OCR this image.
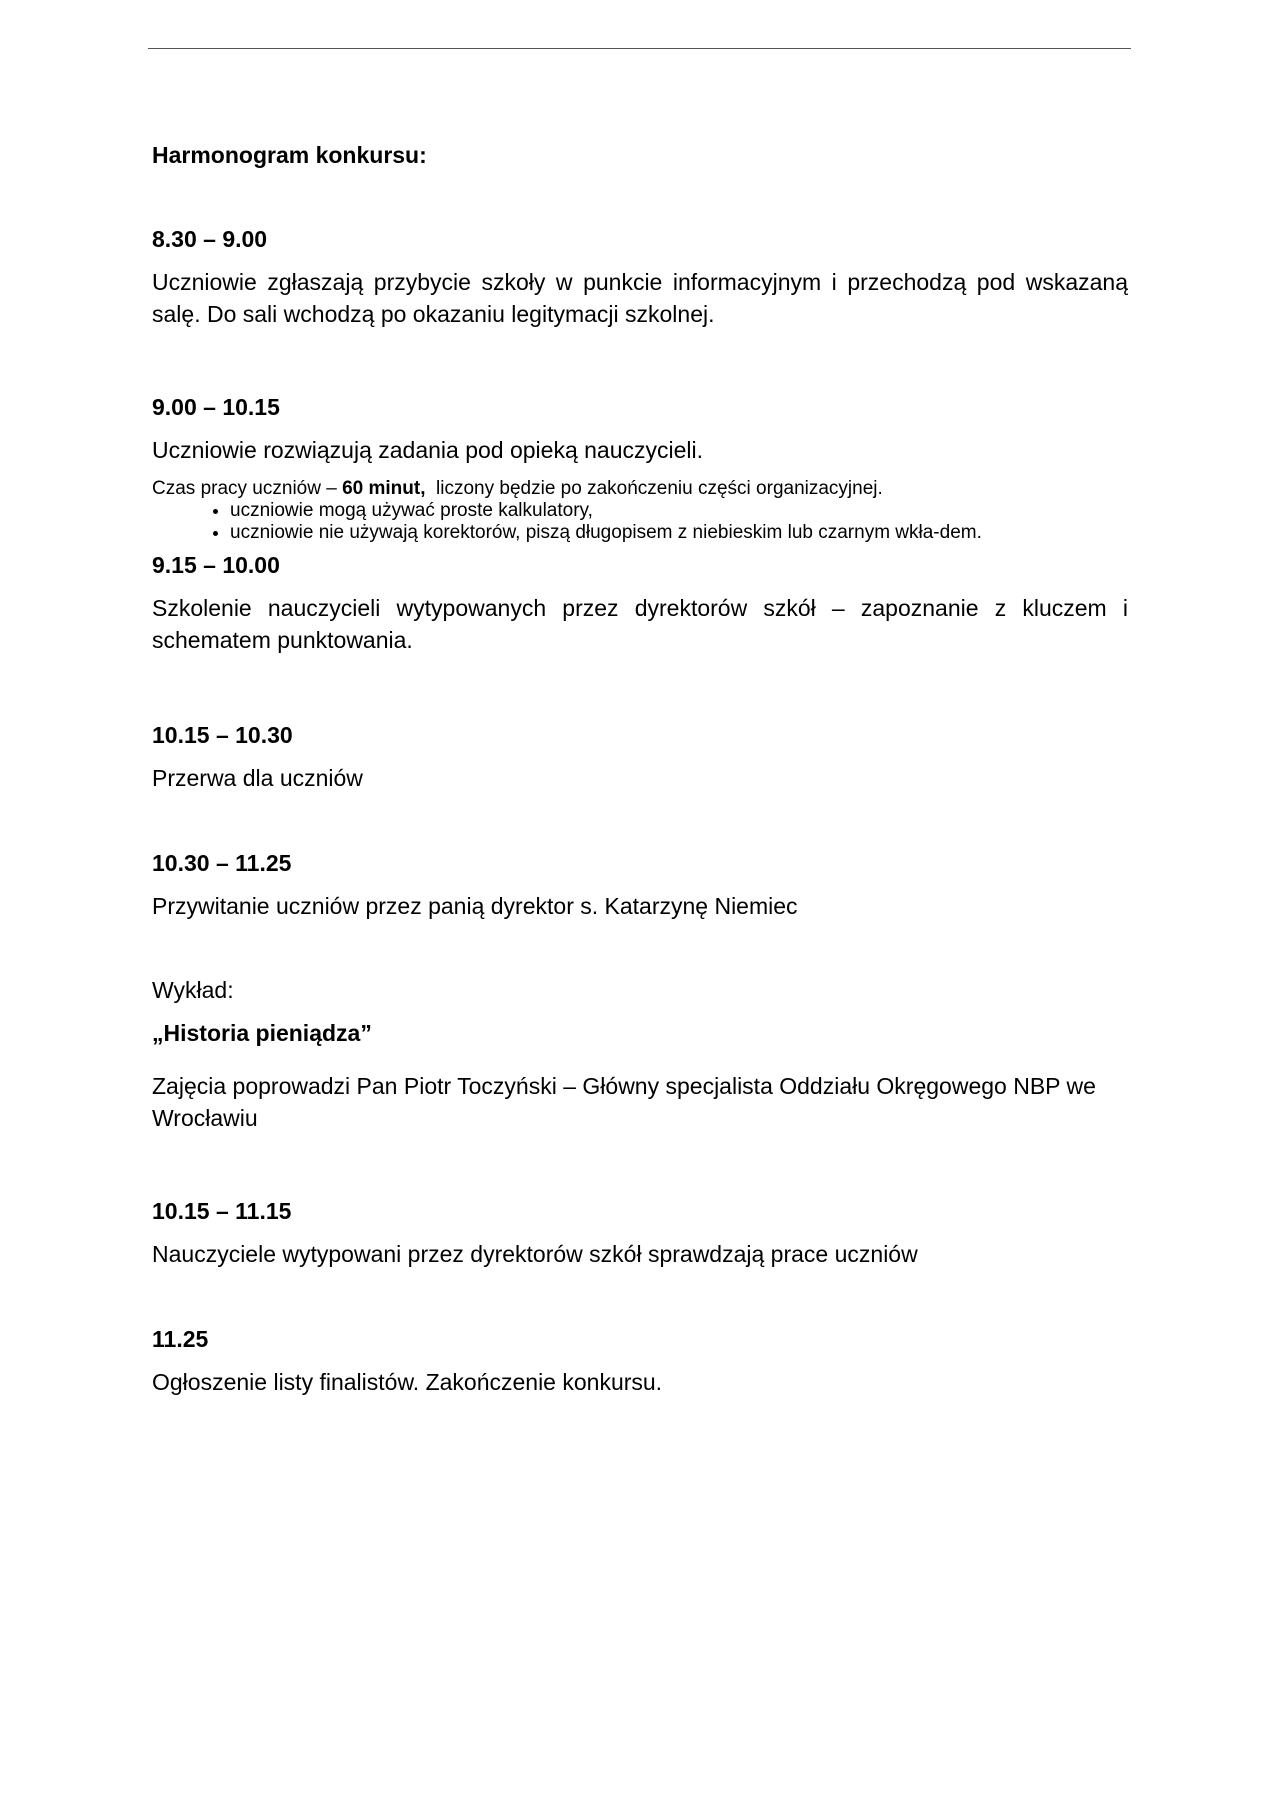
Harmonogram konkursu:
8.30 – 9.00

Uczniowie zgłaszają przybycie szkoły w punkcie informacyjnym i przechodzą pod wskazaną salę. Do sali wchodzą po okazaniu legitymacji szkolnej.

9.00 – 10.15

Uczniowie rozwiązują zadania pod opieką nauczycieli.

Czas pracy uczniów – 60 minut,  liczony będzie po zakończeniu części organizacyjnej.

• uczniowie mogą używać proste kalkulatory,
• uczniowie nie używają korektorów, piszą długopisem z niebieskim lub czarnym wkła-dem.
9.15 – 10.00

Szkolenie nauczycieli wytypowanych przez dyrektorów szkół – zapoznanie z kluczem i schematem punktowania.

10.15 – 10.30

Przerwa dla uczniów

10.30 – 11.25

Przywitanie uczniów przez panią dyrektor s. Katarzynę Niemiec

Wykład:

„Historia pieniądza”

Zajęcia poprowadzi Pan Piotr Toczyński – Główny specjalista Oddziału Okręgowego NBP we Wrocławiu

10.15 – 11.15

Nauczyciele wytypowani przez dyrektorów szkół sprawdzają prace uczniów

11.25

Ogłoszenie listy finalistów. Zakończenie konkursu.
